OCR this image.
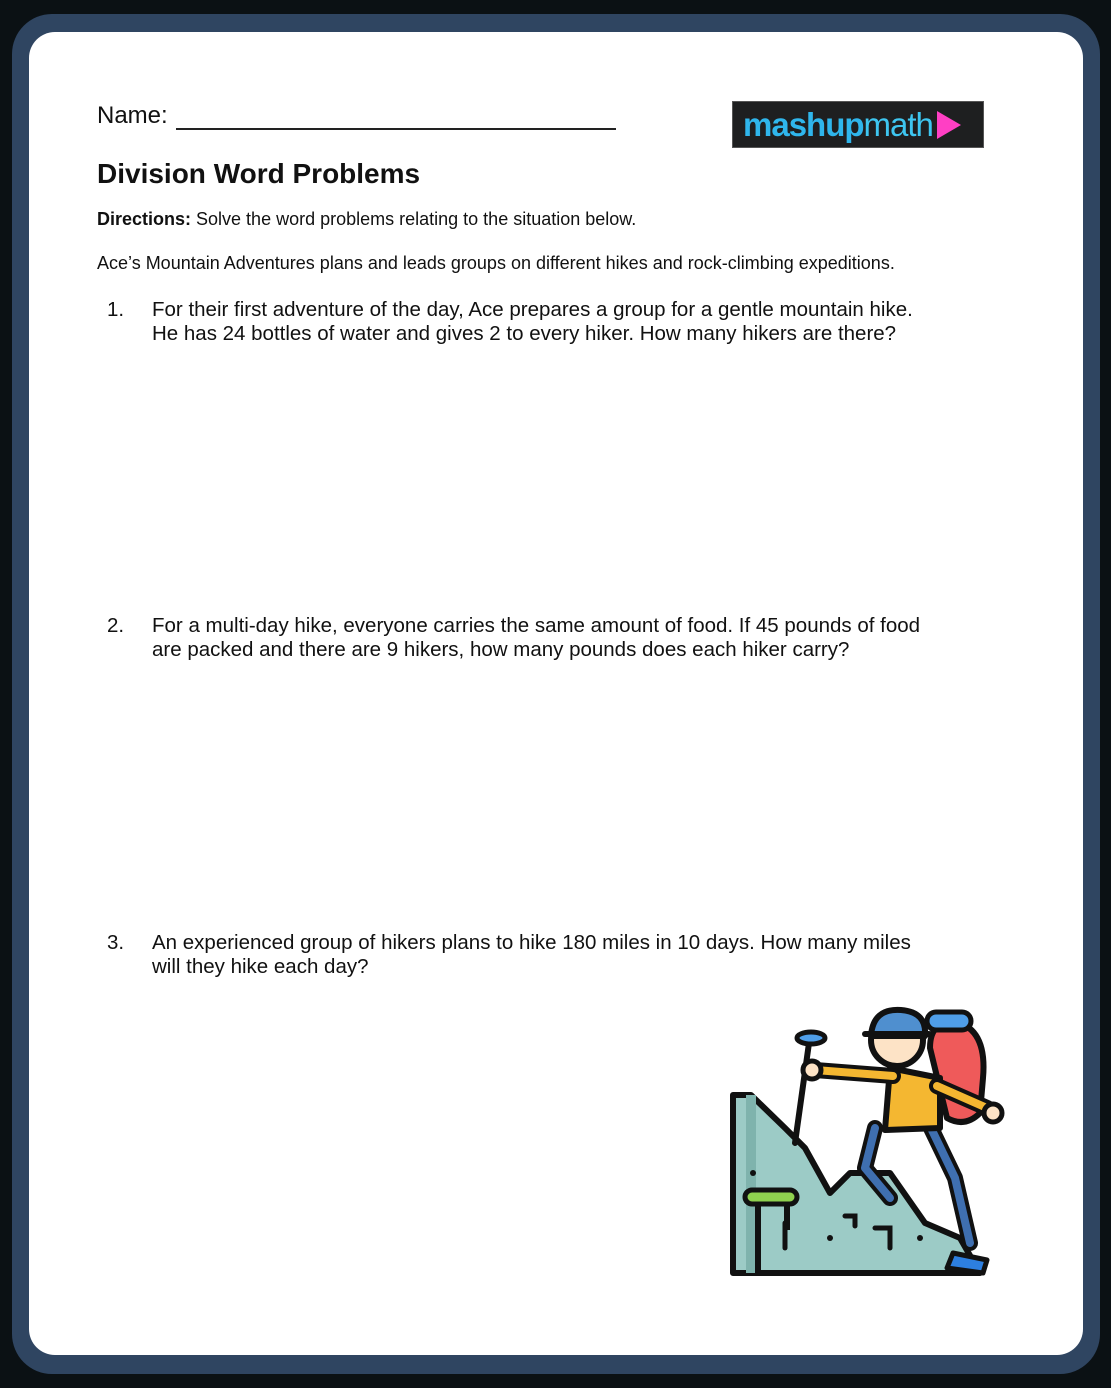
Name:	mash up math
Division Word Problems
Directions: Solve the word problems relating to the situation below.
Ace’s Mountain Adventures plans and leads groups on different hikes and rock-climbing expeditions.
1.	For their first adventure of the day, Ace prepares a group for a gentle mountain hike.
He has 24 bottles of water and gives 2 to every hiker. How many hikers are there?
2.	For a multi-day hike, everyone carries the same amount of food. If 45 pounds of food
are packed and there are 9 hikers, how many pounds does each hiker carry?
3.	An experienced group of hikers plans to hike 180 miles in 10 days. How many miles
will they hike each day?
